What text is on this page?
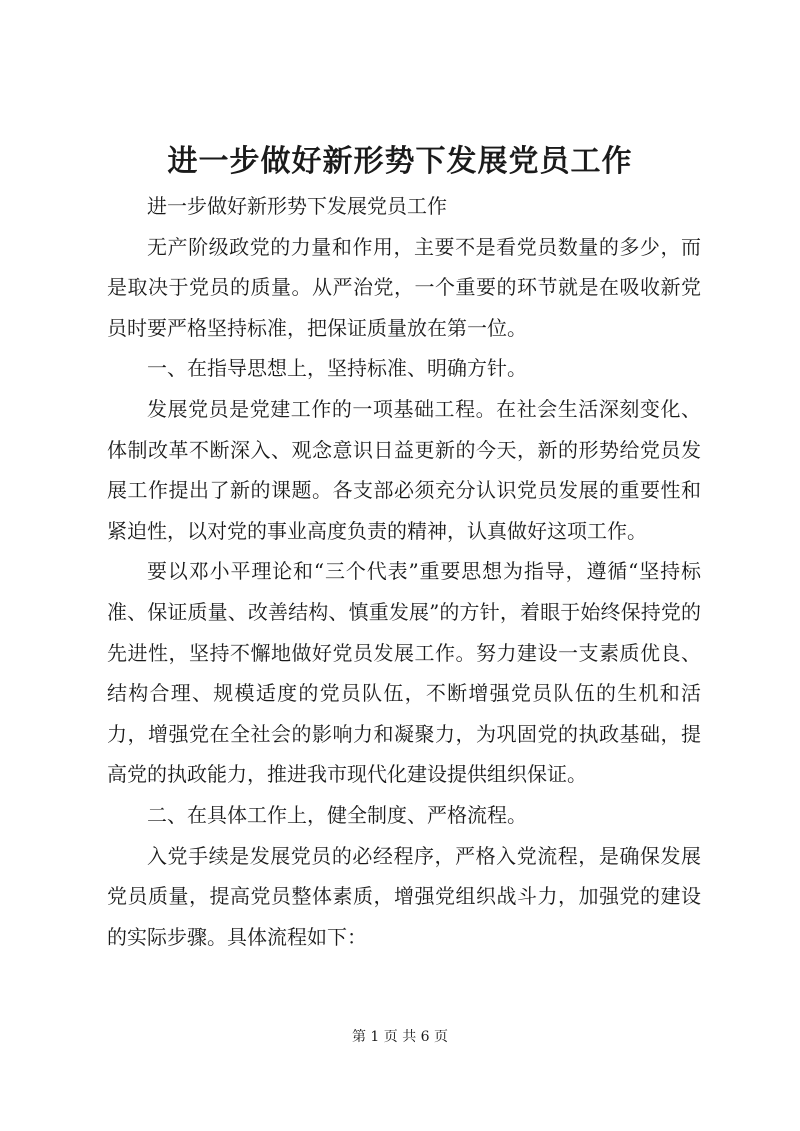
进一步做好新形势下发展党员工作

进一步做好新形势下发展党员工作

无产阶级政党的力量和作用，主要不是看党员数量的多少，而是取决于党员的质量。从严治党，一个重要的环节就是在吸收新党员时要严格坚持标准，把保证质量放在第一位。

一、在指导思想上，坚持标准、明确方针。

发展党员是党建工作的一项基础工程。在社会生活深刻变化、体制改革不断深入、观念意识日益更新的今天，新的形势给党员发展工作提出了新的课题。各支部必须充分认识党员发展的重要性和紧迫性，以对党的事业高度负责的精神，认真做好这项工作。

要以邓小平理论和“三个代表”重要思想为指导，遵循“坚持标准、保证质量、改善结构、慎重发展”的方针，着眼于始终保持党的先进性，坚持不懈地做好党员发展工作。努力建设一支素质优良、结构合理、规模适度的党员队伍，不断增强党员队伍的生机和活力，增强党在全社会的影响力和凝聚力，为巩固党的执政基础，提高党的执政能力，推进我市现代化建设提供组织保证。

二、在具体工作上，健全制度、严格流程。

入党手续是发展党员的必经程序，严格入党流程，是确保发展党员质量，提高党员整体素质，增强党组织战斗力，加强党的建设的实际步骤。具体流程如下：

第 1 页 共 6 页
